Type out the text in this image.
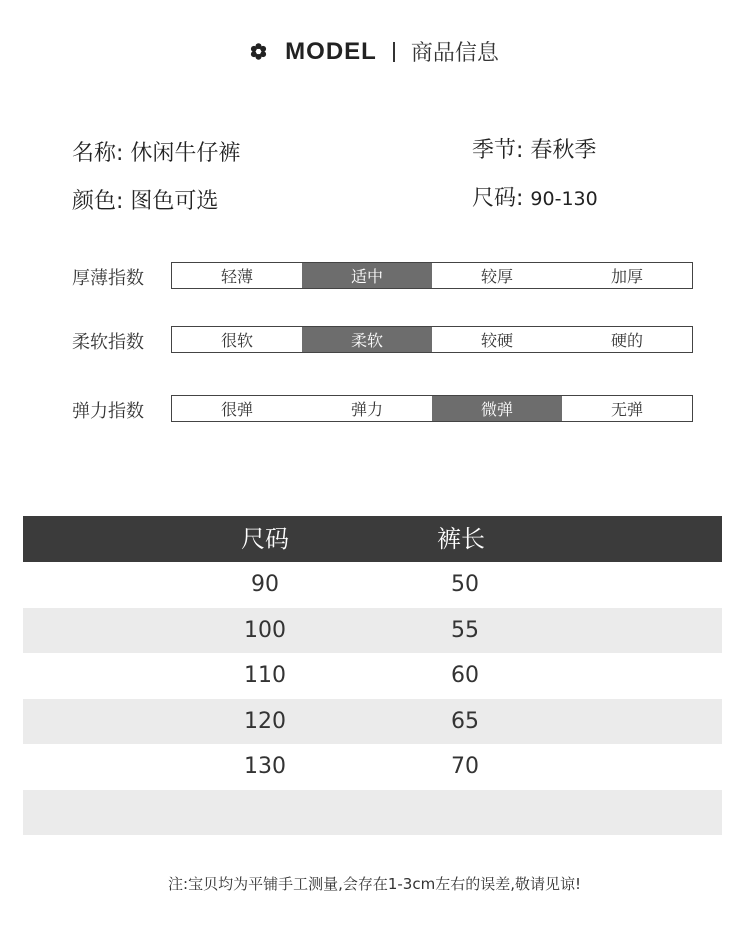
MODEL 商品信息
名称: 休闲牛仔裤	季节: 春秋季
颜色: 图色可选	尺码: 90-130
厚薄指数	轻薄	适中	较厚	加厚
柔软指数	很软	柔软	较硬	硬的
弹力指数	很弹	弹力	微弹	无弹
尺码	裤长
90	50
100	55
110	60
120	65
130	70
注:宝贝均为平铺手工测量,会存在1-3cm左右的误差,敬请见谅!
